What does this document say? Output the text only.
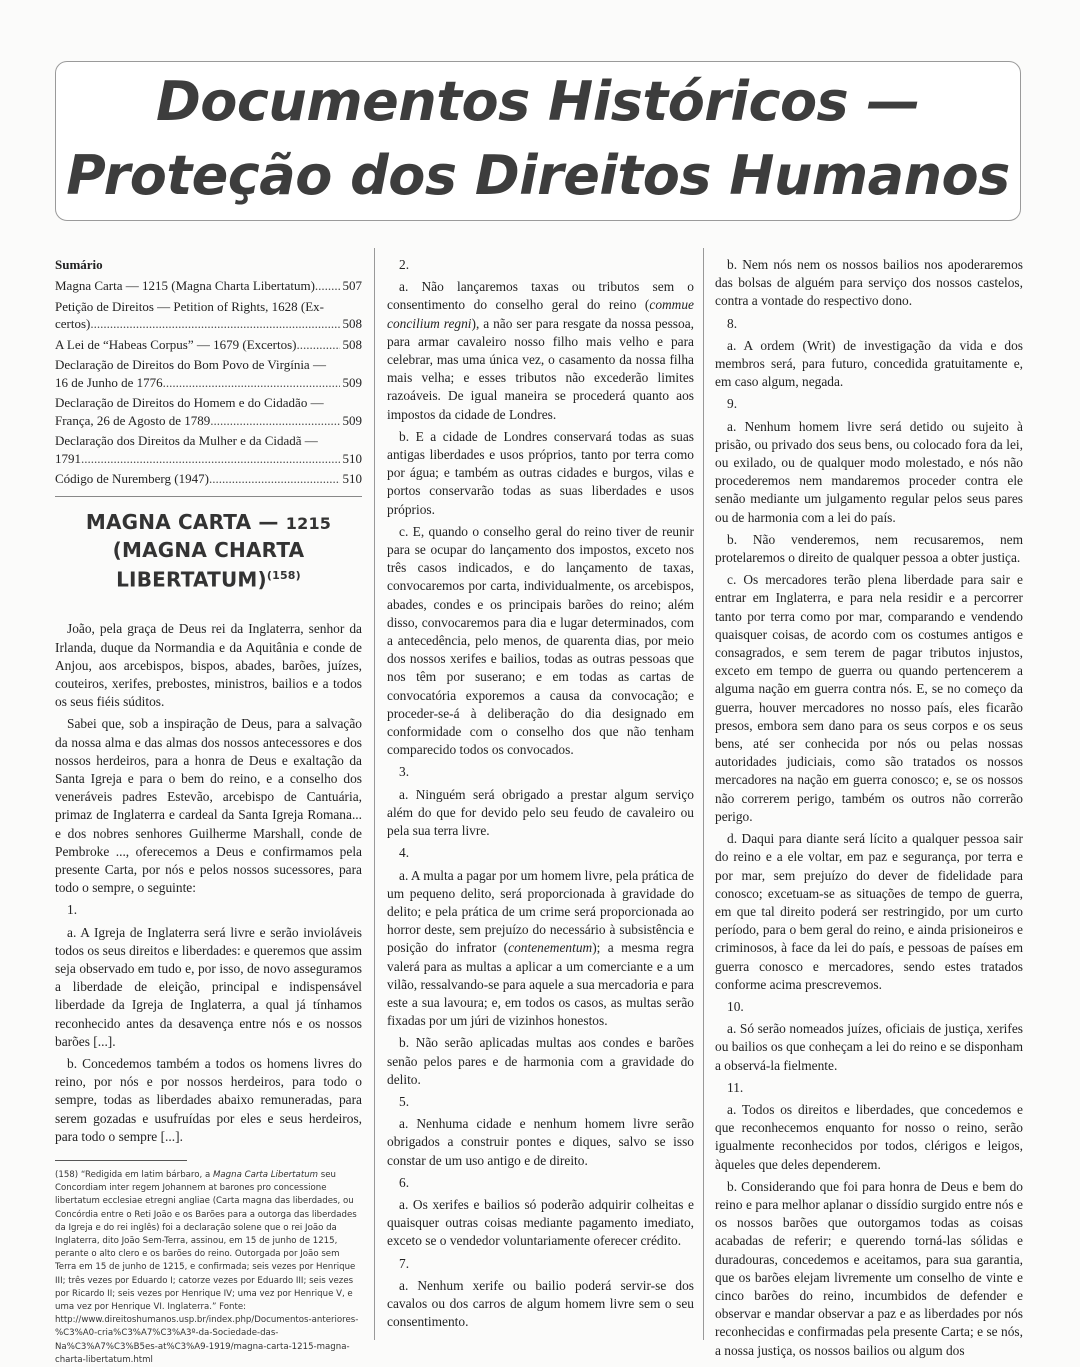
Documentos Históricos —
Proteção dos Direitos Humanos
Sumário
Magna Carta — 1215 (Magna Charta Libertatum) ..... 507
Petição de Direitos — Petition of Rights, 1628 (Ex-
certos) .....	508
A Lei de “Habeas Corpus” — 1679 (Excertos) .....	508
Declaração de Direitos do Bom Povo de Virgínia —
16 de Junho de 1776 .....	509
Declaração de Direitos do Homem e do Cidadão —
França, 26 de Agosto de 1789 .....	509
Declaração dos Direitos da Mulher e da Cidadã —
1791 .....	510
Código de Nuremberg (1947) .....	510
MAGNA CARTA — 1215
(MAGNA CHARTA
LIBERTATUM)$^{(158)}$

João, pela graça de Deus rei da Inglaterra, senhor da Irlanda, duque da Normandia e da Aquitânia e conde de Anjou, aos arcebispos, bispos, abades, barões, juízes, couteiros, xerifes, prebostes, ministros, bailios e a todos os seus fiéis súditos.

Sabei que, sob a inspiração de Deus, para a salvação da nossa alma e das almas dos nossos antecessores e dos nossos herdeiros, para a honra de Deus e exaltação da Santa Igreja e para o bem do reino, e a conselho dos veneráveis padres Estevão, arcebispo de Cantuária, primaz de Inglaterra e cardeal da Santa Igreja Romana... e dos nobres senhores Guilherme Marshall, conde de Pembroke ..., oferecemos a Deus e confirmamos pela presente Carta, por nós e pelos nossos sucessores, para todo o sempre, o seguinte:

1.

a. A Igreja de Inglaterra será livre e serão invioláveis todos os seus direitos e liberdades: e queremos que assim seja observado em tudo e, por isso, de novo asseguramos a liberdade de eleição, principal e indispensável liberdade da Igreja de Inglaterra, a qual já tínhamos reconhecido antes da desavença entre nós e os nossos barões [...].

b. Concedemos também a todos os homens livres do reino, por nós e por nossos herdeiros, para todo o sempre, todas as liberdades abaixo remuneradas, para serem gozadas e usufruídas por eles e seus herdeiros, para todo o sempre [...].

(158) “Redigida em latim bárbaro, a Magna Carta Libertatum seu Concordiam inter regem Johannem at barones pro concessione libertatum ecclesiae etregni angliae (Carta magna das liberdades, ou Concórdia entre o Reti João e os Barões para a outorga das liberdades da Igreja e do rei inglês) foi a declaração solene que o rei João da Inglaterra, dito João Sem-Terra, assinou, em 15 de junho de 1215, perante o alto clero e os barões do reino. Outorgada por João sem Terra em 15 de junho de 1215, e confirmada; seis vezes por Henrique III; três vezes por Eduardo I; catorze vezes por Eduardo III; seis vezes por Ricardo II; seis vezes por Henrique IV; uma vez por Henrique V, e uma vez por Henrique VI. Inglaterra.” Fonte: http://www.direitoshumanos.usp.br/index.php/Documentos-anteriores-%C3%A0-cria%C3%A7%C3%A3º-da-Sociedade-das-Na%C3%A7%C3%B5es-at%C3%A9-1919/magna-carta-1215-magna-charta-libertatum.html

2.

a. Não lançaremos taxas ou tributos sem o consentimento do conselho geral do reino (commue concilium regni), a não ser para resgate da nossa pessoa, para armar cavaleiro nosso filho mais velho e para celebrar, mas uma única vez, o casamento da nossa filha mais velha; e esses tributos não excederão limites razoáveis. De igual maneira se procederá quanto aos impostos da cidade de Londres.

b. E a cidade de Londres conservará todas as suas antigas liberdades e usos próprios, tanto por terra como por água; e também as outras cidades e burgos, vilas e portos conservarão todas as suas liberdades e usos próprios.

c. E, quando o conselho geral do reino tiver de reunir para se ocupar do lançamento dos impostos, exceto nos três casos indicados, e do lançamento de taxas, convocaremos por carta, individualmente, os arcebispos, abades, condes e os principais barões do reino; além disso, convocaremos para dia e lugar determinados, com a antecedência, pelo menos, de quarenta dias, por meio dos nossos xerifes e bailios, todas as outras pessoas que nos têm por suserano; e em todas as cartas de convocatória exporemos a causa da convocação; e proceder-se-á à deliberação do dia designado em conformidade com o conselho dos que não tenham comparecido todos os convocados.

3.

a. Ninguém será obrigado a prestar algum serviço além do que for devido pelo seu feudo de cavaleiro ou pela sua terra livre.

4.

a. A multa a pagar por um homem livre, pela prática de um pequeno delito, será proporcionada à gravidade do delito; e pela prática de um crime será proporcionada ao horror deste, sem prejuízo do necessário à subsistência e posição do infrator (contenementum); a mesma regra valerá para as multas a aplicar a um comerciante e a um vilão, ressalvando-se para aquele a sua mercadoria e para este a sua lavoura; e, em todos os casos, as multas serão fixadas por um júri de vizinhos honestos.

b. Não serão aplicadas multas aos condes e barões senão pelos pares e de harmonia com a gravidade do delito.

5.

a. Nenhuma cidade e nenhum homem livre serão obrigados a construir pontes e diques, salvo se isso constar de um uso antigo e de direito.

6.

a. Os xerifes e bailios só poderão adquirir colheitas e quaisquer outras coisas mediante pagamento imediato, exceto se o vendedor voluntariamente oferecer crédito.

7.

a. Nenhum xerife ou bailio poderá servir-se dos cavalos ou dos carros de algum homem livre sem o seu consentimento.

b. Nem nós nem os nossos bailios nos apoderaremos das bolsas de alguém para serviço dos nossos castelos, contra a vontade do respectivo dono.

8.

a. A ordem (Writ) de investigação da vida e dos membros será, para futuro, concedida gratuitamente e, em caso algum, negada.

9.

a. Nenhum homem livre será detido ou sujeito à prisão, ou privado dos seus bens, ou colocado fora da lei, ou exilado, ou de qualquer modo molestado, e nós não procederemos nem mandaremos proceder contra ele senão mediante um julgamento regular pelos seus pares ou de harmonia com a lei do país.

b. Não venderemos, nem recusaremos, nem protelaremos o direito de qualquer pessoa a obter justiça.

c. Os mercadores terão plena liberdade para sair e entrar em Inglaterra, e para nela residir e a percorrer tanto por terra como por mar, comparando e vendendo quaisquer coisas, de acordo com os costumes antigos e consagrados, e sem terem de pagar tributos injustos, exceto em tempo de guerra ou quando pertencerem a alguma nação em guerra contra nós. E, se no começo da guerra, houver mercadores no nosso país, eles ficarão presos, embora sem dano para os seus corpos e os seus bens, até ser conhecida por nós ou pelas nossas autoridades judiciais, como são tratados os nossos mercadores na nação em guerra conosco; e, se os nossos não correrem perigo, também os outros não correrão perigo.

d. Daqui para diante será lícito a qualquer pessoa sair do reino e a ele voltar, em paz e segurança, por terra e por mar, sem prejuízo do dever de fidelidade para conosco; excetuam-se as situações de tempo de guerra, em que tal direito poderá ser restringido, por um curto período, para o bem geral do reino, e ainda prisioneiros e criminosos, à face da lei do país, e pessoas de países em guerra conosco e mercadores, sendo estes tratados conforme acima prescrevemos.

10.

a. Só serão nomeados juízes, oficiais de justiça, xerifes ou bailios os que conheçam a lei do reino e se disponham a observá-la fielmente.

11.

a. Todos os direitos e liberdades, que concedemos e que reconhecemos enquanto for nosso o reino, serão igualmente reconhecidos por todos, clérigos e leigos, àqueles que deles dependerem.

b. Considerando que foi para honra de Deus e bem do reino e para melhor aplanar o dissídio surgido entre nós e os nossos barões que outorgamos todas as coisas acabadas de referir; e querendo torná-las sólidas e duradouras, concedemos e aceitamos, para sua garantia, que os barões elejam livremente um conselho de vinte e cinco barões do reino, incumbidos de defender e observar e mandar observar a paz e as liberdades por nós reconhecidas e confirmadas pela presente Carta; e se nós, a nossa justiça, os nossos bailios ou algum dos
